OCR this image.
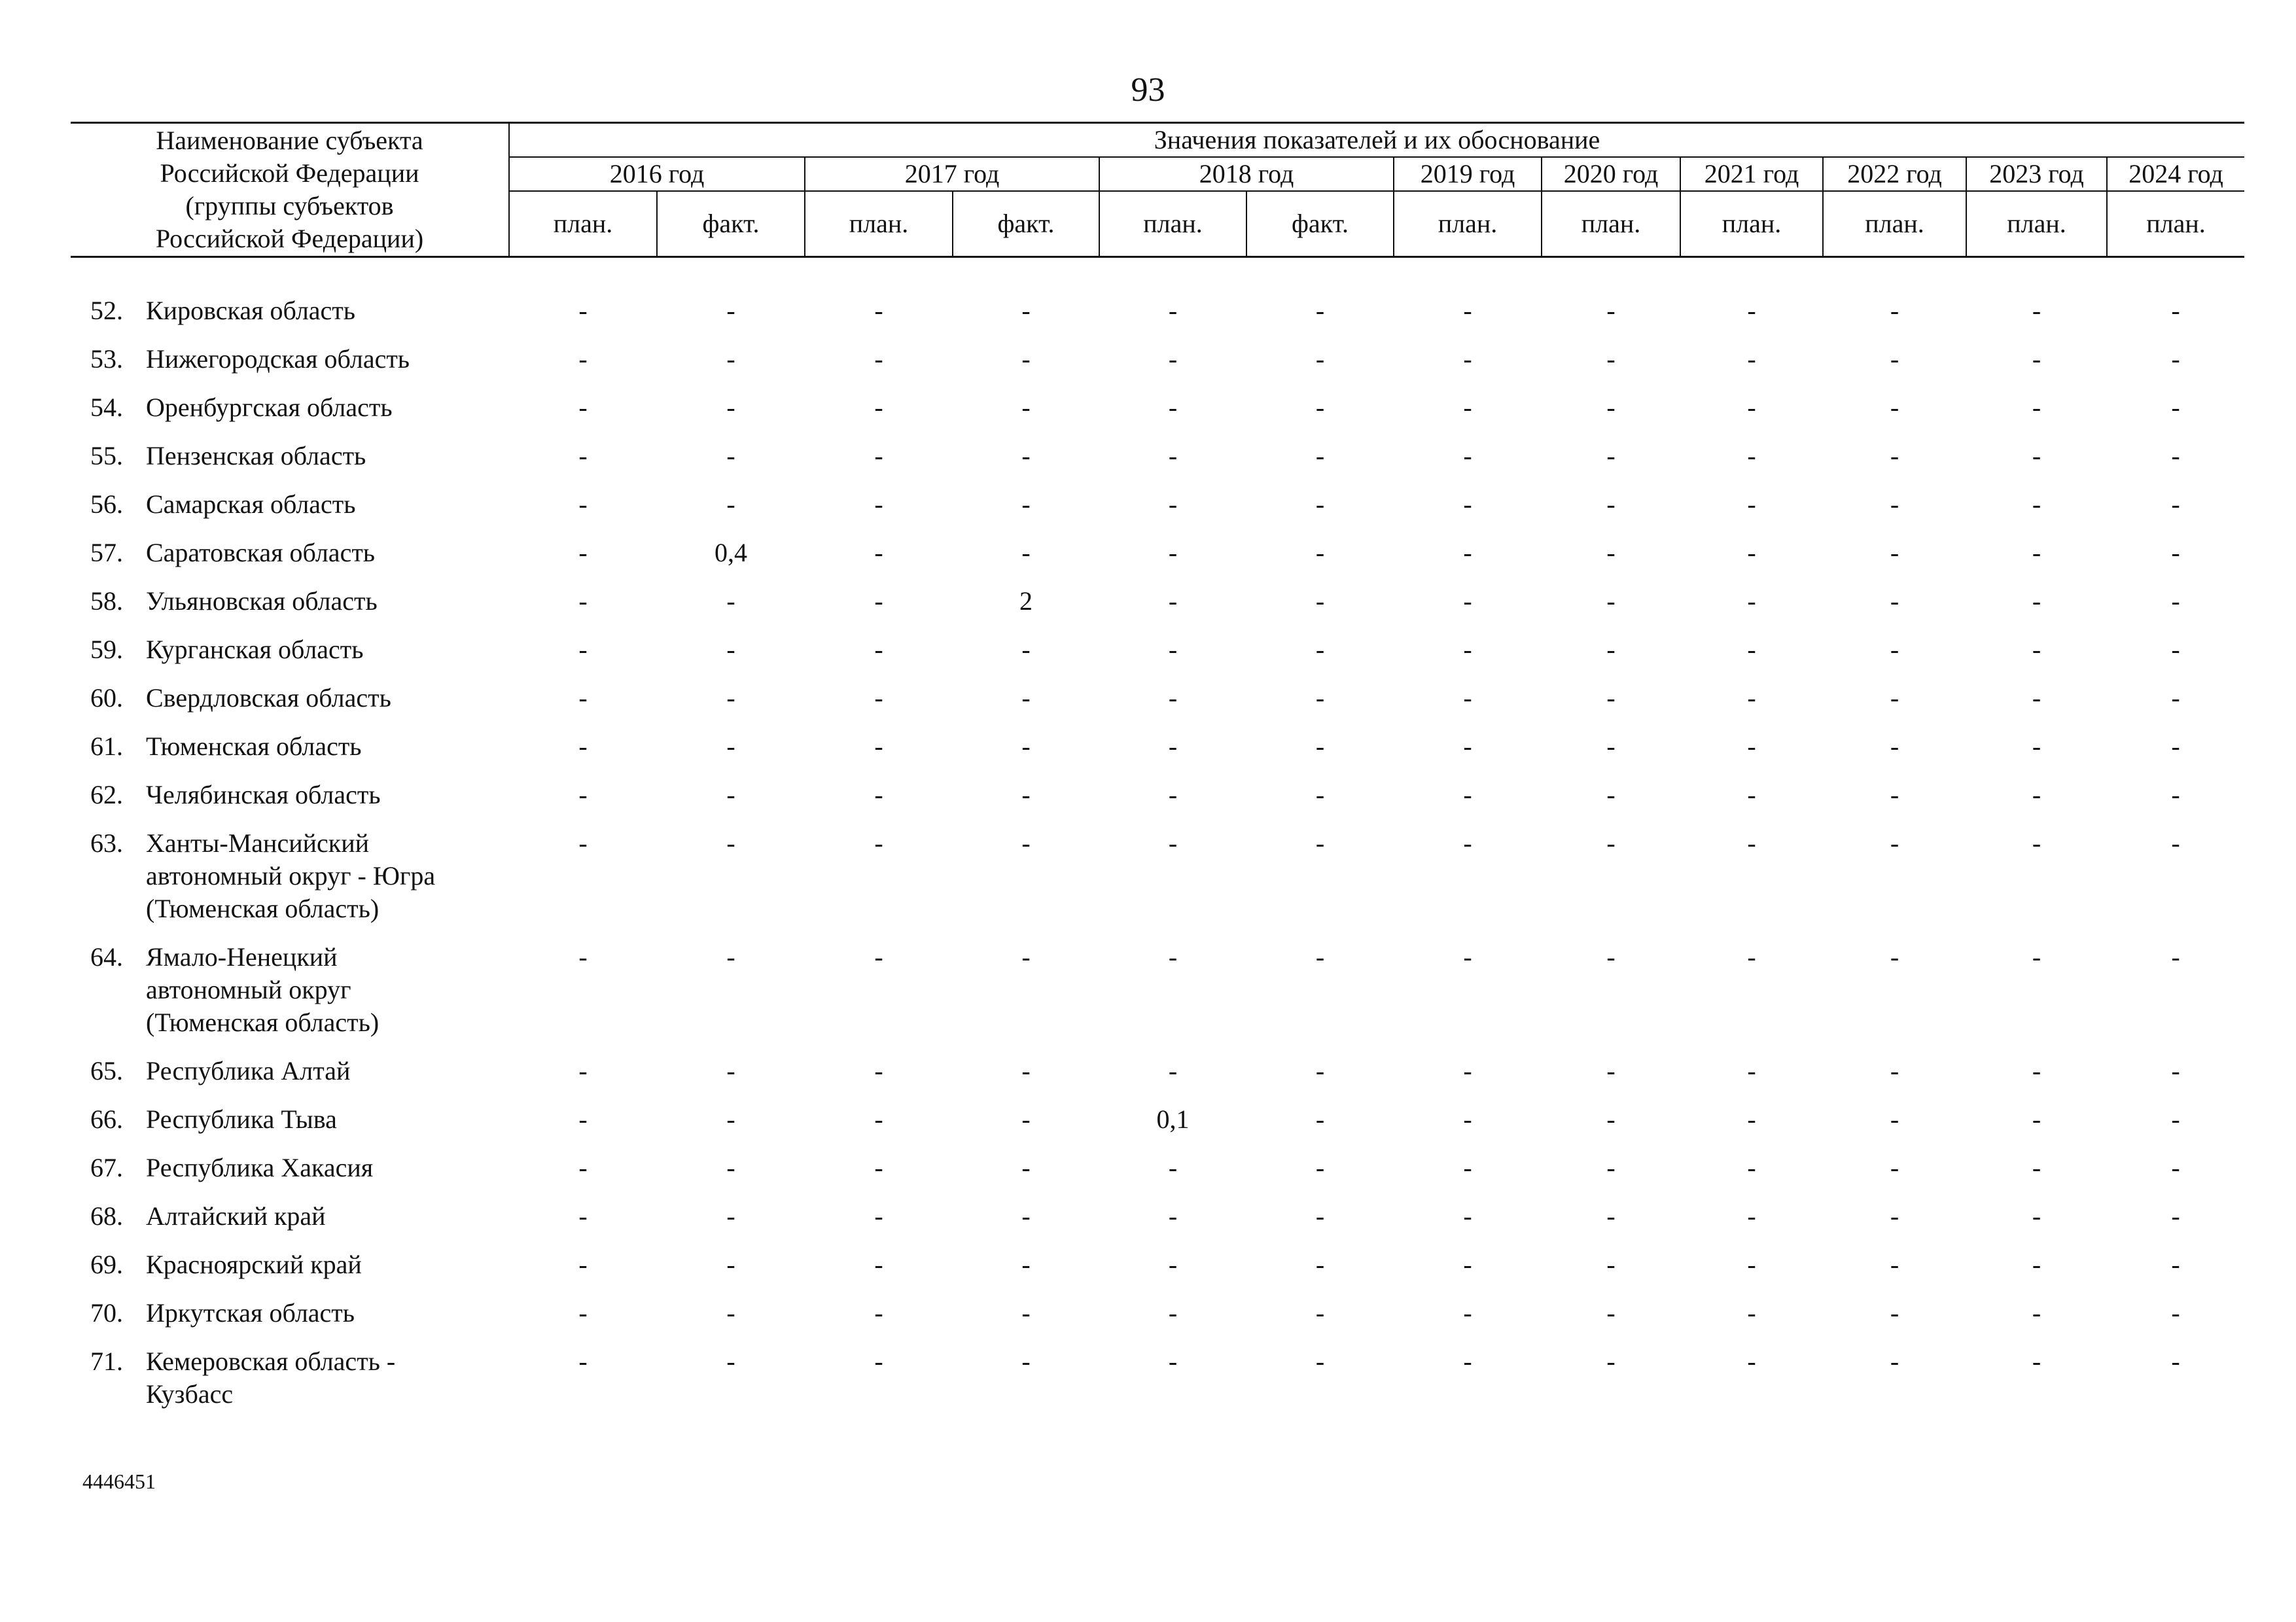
93
Наименование субъекта
Российской Федерации
(группы субъектов
Российской Федерации)		Значения показателей и их обоснование											
		2016 год		2017 год		2018 год		2019 год	2020 год	2021 год	2022 год	2023 год	2024 год
		план.	факт.	план.	факт.	план.	факт.	план.	план.	план.	план.	план.	план.

52.	Кировская область	-	-	-	-	-	-	-	-	-	-	-	-
53.	Нижегородская область	-	-	-	-	-	-	-	-	-	-	-	-
54.	Оренбургская область	-	-	-	-	-	-	-	-	-	-	-	-
55.	Пензенская область	-	-	-	-	-	-	-	-	-	-	-	-
56.	Самарская область	-	-	-	-	-	-	-	-	-	-	-	-
57.	Саратовская область	-	0,4	-	-	-	-	-	-	-	-	-	-
58.	Ульяновская область	-	-	-	2	-	-	-	-	-	-	-	-
59.	Курганская область	-	-	-	-	-	-	-	-	-	-	-	-
60.	Свердловская область	-	-	-	-	-	-	-	-	-	-	-	-
61.	Тюменская область	-	-	-	-	-	-	-	-	-	-	-	-
62.	Челябинская область	-	-	-	-	-	-	-	-	-	-	-	-
63.	Ханты-Мансийский
автономный округ - Югра
(Тюменская область)	-	-	-	-	-	-	-	-	-	-	-	-
64.	Ямало-Ненецкий
автономный округ
(Тюменская область)	-	-	-	-	-	-	-	-	-	-	-	-
65.	Республика Алтай	-	-	-	-	-	-	-	-	-	-	-	-
66.	Республика Тыва	-	-	-	-	0,1	-	-	-	-	-	-	-
67.	Республика Хакасия	-	-	-	-	-	-	-	-	-	-	-	-
68.	Алтайский край	-	-	-	-	-	-	-	-	-	-	-	-
69.	Красноярский край	-	-	-	-	-	-	-	-	-	-	-	-
70.	Иркутская область	-	-	-	-	-	-	-	-	-	-	-	-
71.	Кемеровская область -
Кузбасс	-	-	-	-	-	-	-	-	-	-	-	-
4446451
